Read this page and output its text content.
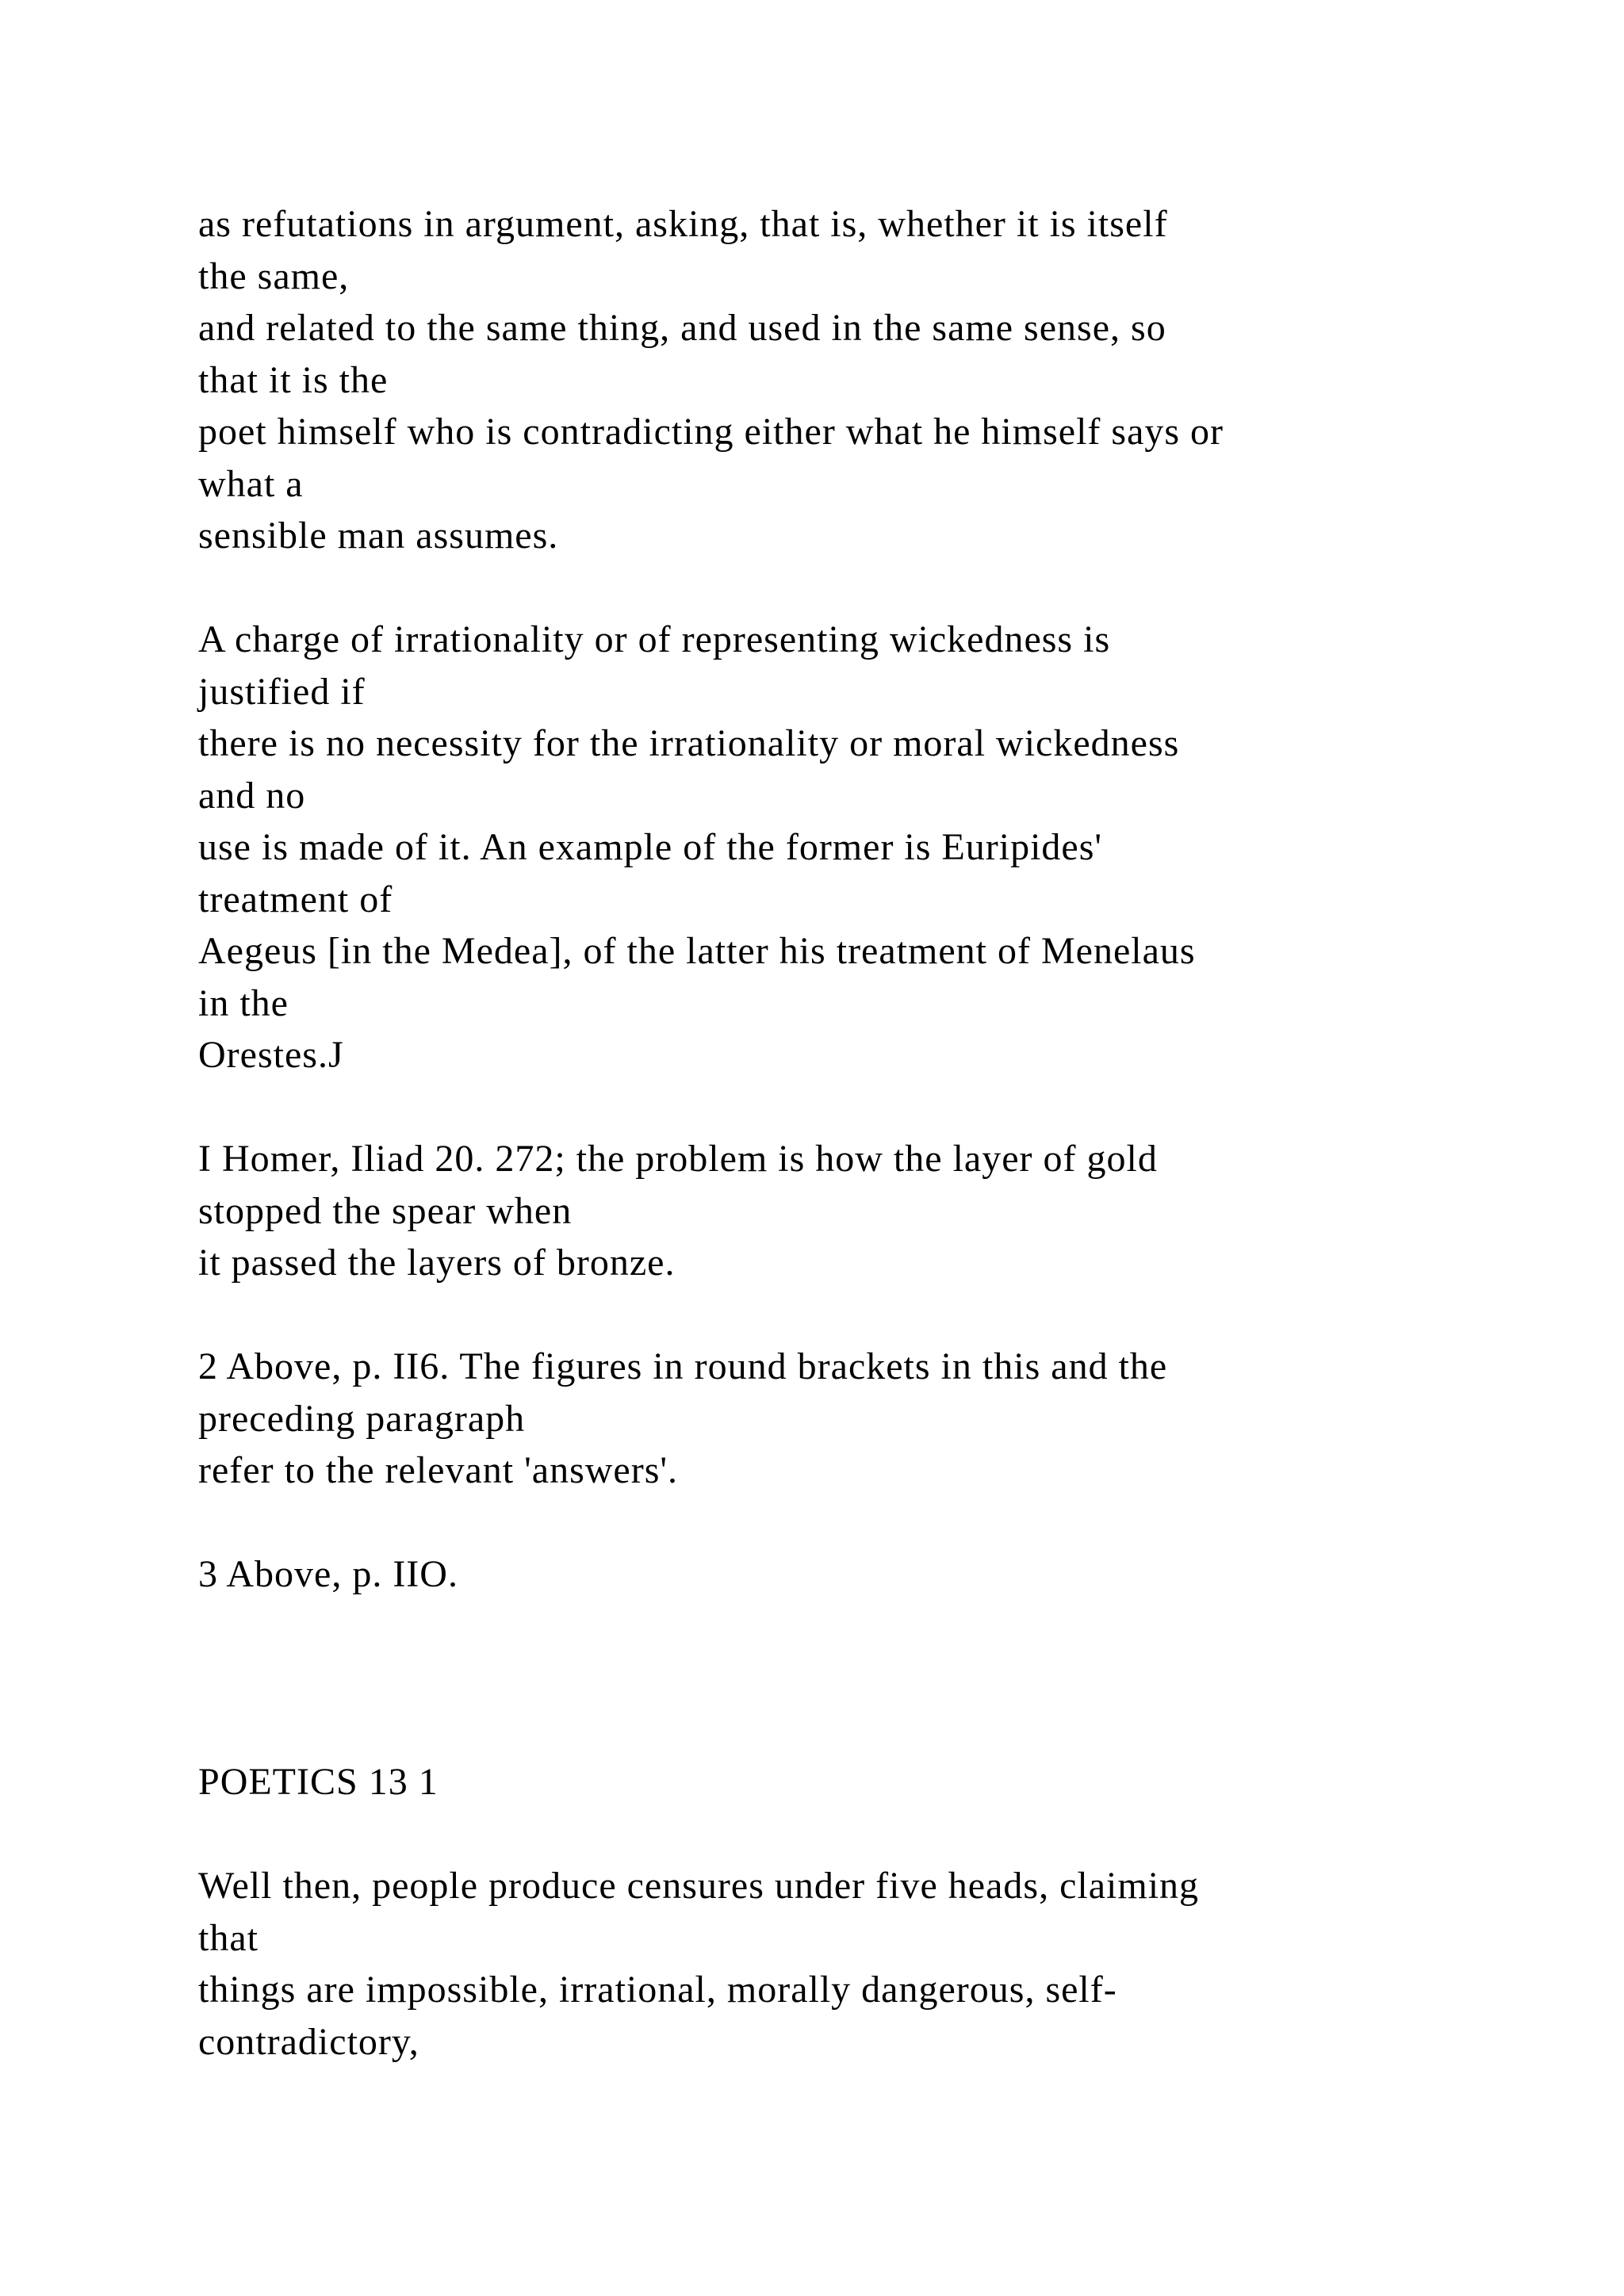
as refutations in argument, asking, that is, whether it is itself
the same,
and related to the same thing, and used in the same sense, so
that it is the
poet himself who is contradicting either what he himself says or
what a
sensible man assumes.
A charge of irrationality or of representing wickedness is
justified if
there is no necessity for the irrationality or moral wickedness
and no
use is made of it. An example of the former is Euripides'
treatment of
Aegeus [in the Medea], of the latter his treatment of Menelaus
in the
Orestes.J
I Homer, Iliad 20. 272; the problem is how the layer of gold
stopped the spear when
it passed the layers of bronze.
2 Above, p. II6. The figures in round brackets in this and the
preceding paragraph
refer to the relevant 'answers'.
3 Above, p. IIO.
POETICS 13 1
Well then, people produce censures under five heads, claiming
that
things are impossible, irrational, morally dangerous, self-
contradictory,
